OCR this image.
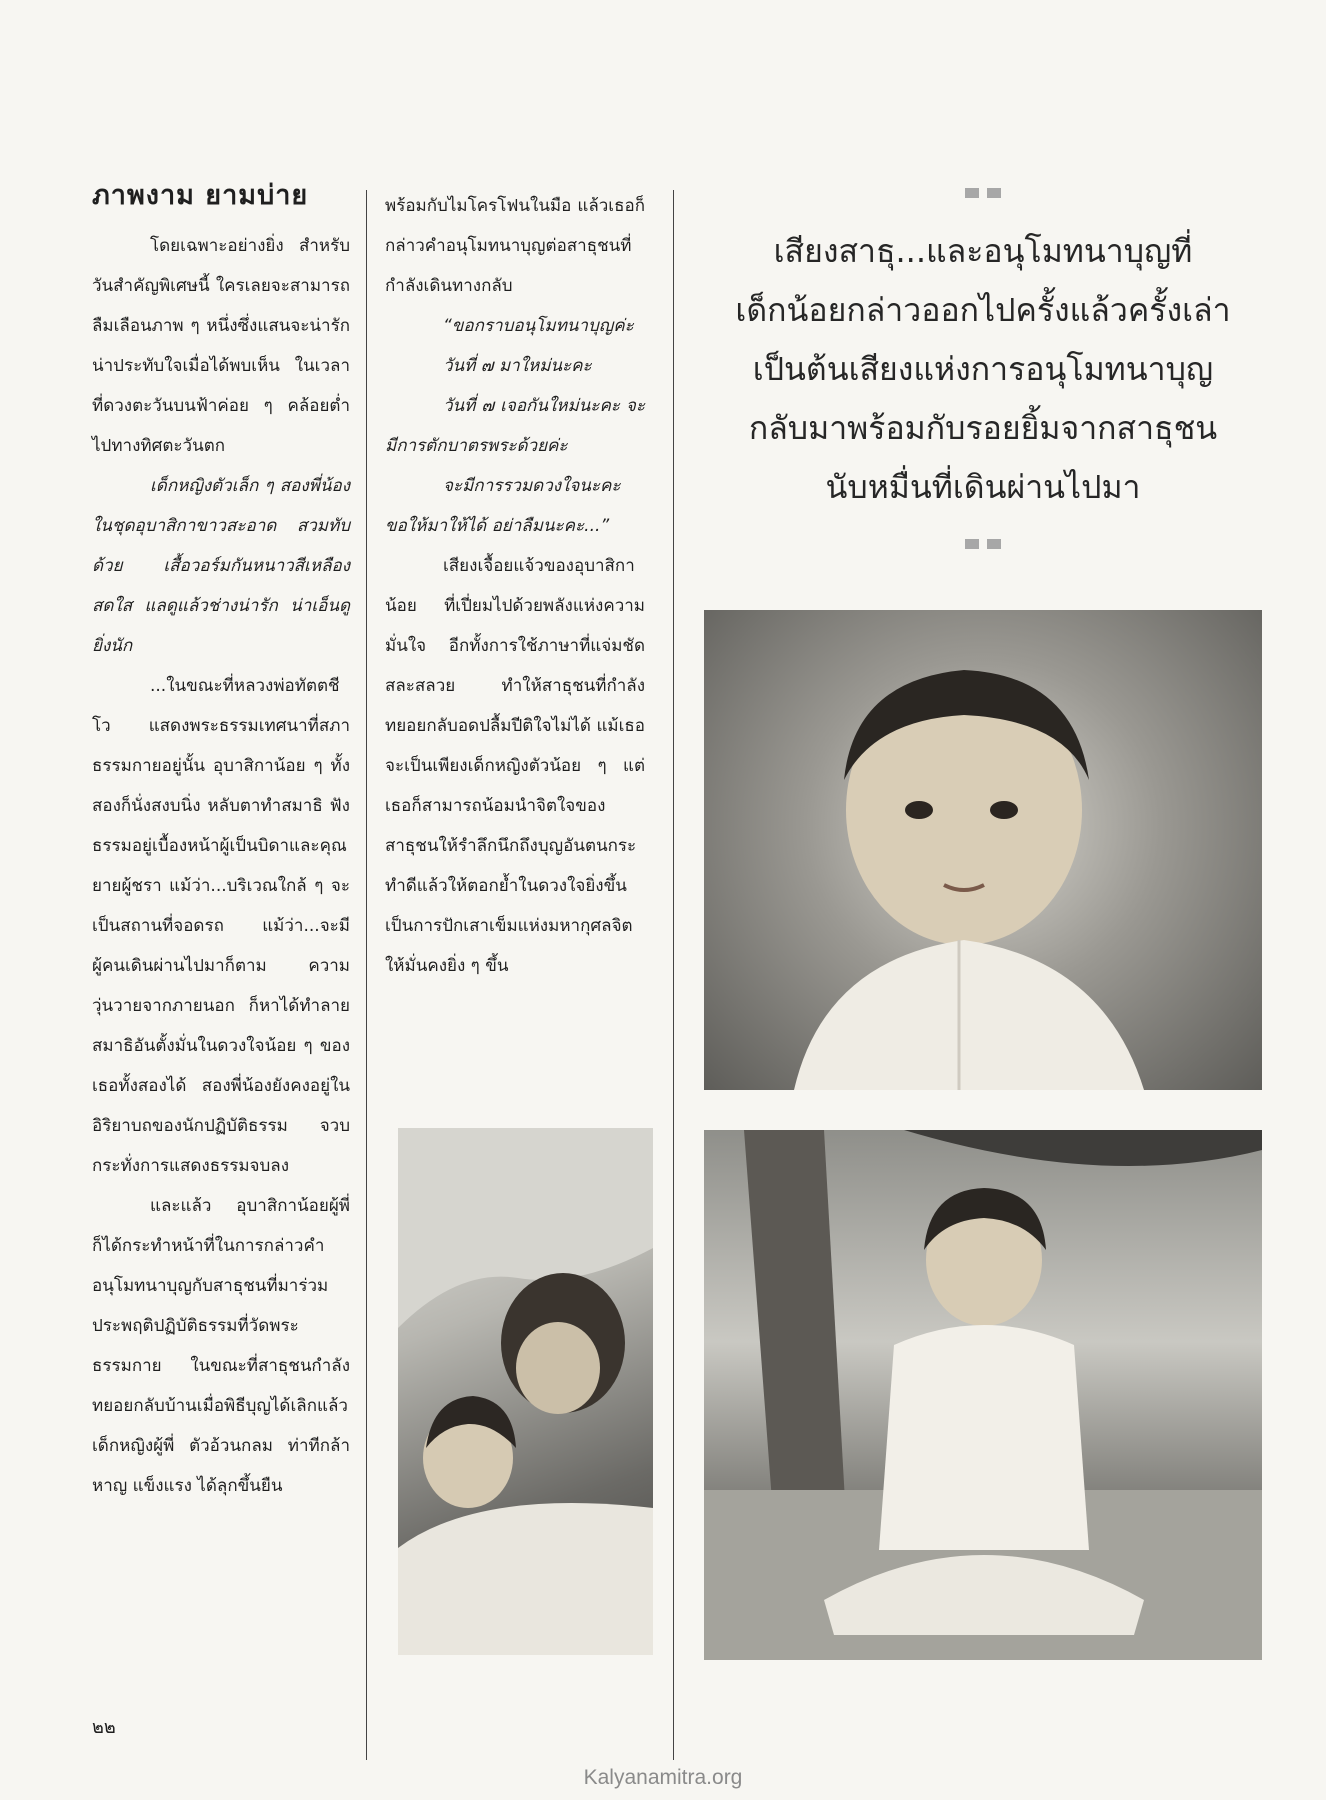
ภาพงาม ยามบ่าย

โดยเฉพาะอย่างยิ่ง สำหรับวันสำคัญพิเศษนี้ ใครเลยจะสามารถลืมเลือนภาพ ๆ หนึ่งซึ่งแสนจะน่ารัก น่าประทับใจเมื่อได้พบเห็น ในเวลาที่ดวงตะวันบนฟ้าค่อย ๆ คล้อยต่ำไปทางทิศตะวันตก

เด็กหญิงตัวเล็ก ๆ สองพี่น้องในชุดอุบาสิกาขาวสะอาด สวมทับด้วย เสื้อวอร์มกันหนาวสีเหลืองสดใส แลดูแล้วช่างน่ารัก น่าเอ็นดูยิ่งนัก

...ในขณะที่หลวงพ่อทัตตชีโว แสดงพระธรรมเทศนาที่สภาธรรมกายอยู่นั้น อุบาสิกาน้อย ๆ ทั้งสองก็นั่งสงบนิ่ง หลับตาทำสมาธิ ฟังธรรมอยู่เบื้องหน้าผู้เป็นบิดาและคุณยายผู้ชรา แม้ว่า...บริเวณใกล้ ๆ จะเป็นสถานที่จอดรถ แม้ว่า...จะมีผู้คนเดินผ่านไปมาก็ตาม ความวุ่นวายจากภายนอก ก็หาได้ทำลายสมาธิอันตั้งมั่นในดวงใจน้อย ๆ ของเธอทั้งสองได้ สองพี่น้องยังคงอยู่ในอิริยาบถของนักปฏิบัติธรรม จวบกระทั่งการแสดงธรรมจบลง

และแล้ว อุบาสิกาน้อยผู้พี่ ก็ได้กระทำหน้าที่ในการกล่าวคำอนุโมทนาบุญกับสาธุชนที่มาร่วมประพฤติปฏิบัติธรรมที่วัดพระธรรมกาย ในขณะที่สาธุชนกำลังทยอยกลับบ้านเมื่อพิธีบุญได้เลิกแล้ว เด็กหญิงผู้พี่ ตัวอ้วนกลม ท่าทีกล้าหาญ แข็งแรง ได้ลุกขึ้นยืน

พร้อมกับไมโครโฟนในมือ แล้วเธอก็กล่าวคำอนุโมทนาบุญต่อสาธุชนที่กำลังเดินทางกลับ

“ขอกราบอนุโมทนาบุญค่ะ

วันที่ ๗ มาใหม่นะคะ

วันที่ ๗ เจอกันใหม่นะคะ จะมีการตักบาตรพระด้วยค่ะ

จะมีการรวมดวงใจนะคะ ขอให้มาให้ได้ อย่าลืมนะคะ...”

เสียงเจื้อยแจ้วของอุบาสิกาน้อย ที่เปี่ยมไปด้วยพลังแห่งความมั่นใจ อีกทั้งการใช้ภาษาที่แจ่มชัด สละสลวย ทำให้สาธุชนที่กำลังทยอยกลับอดปลื้มปีติใจไม่ได้ แม้เธอจะเป็นเพียงเด็กหญิงตัวน้อย ๆ แต่เธอก็สามารถน้อมนำจิตใจของสาธุชนให้รำลึกนึกถึงบุญอันตนกระทำดีแล้วให้ตอกย้ำในดวงใจยิ่งขึ้น เป็นการปักเสาเข็มแห่งมหากุศลจิตให้มั่นคงยิ่ง ๆ ขึ้น

เสียงสาธุ...และอนุโมทนาบุญที่
เด็กน้อยกล่าวออกไปครั้งแล้วครั้งเล่า
เป็นต้นเสียงแห่งการอนุโมทนาบุญ
กลับมาพร้อมกับรอยยิ้มจากสาธุชน
นับหมื่นที่เดินผ่านไปมา
๒๒
Kalyanamitra.org
